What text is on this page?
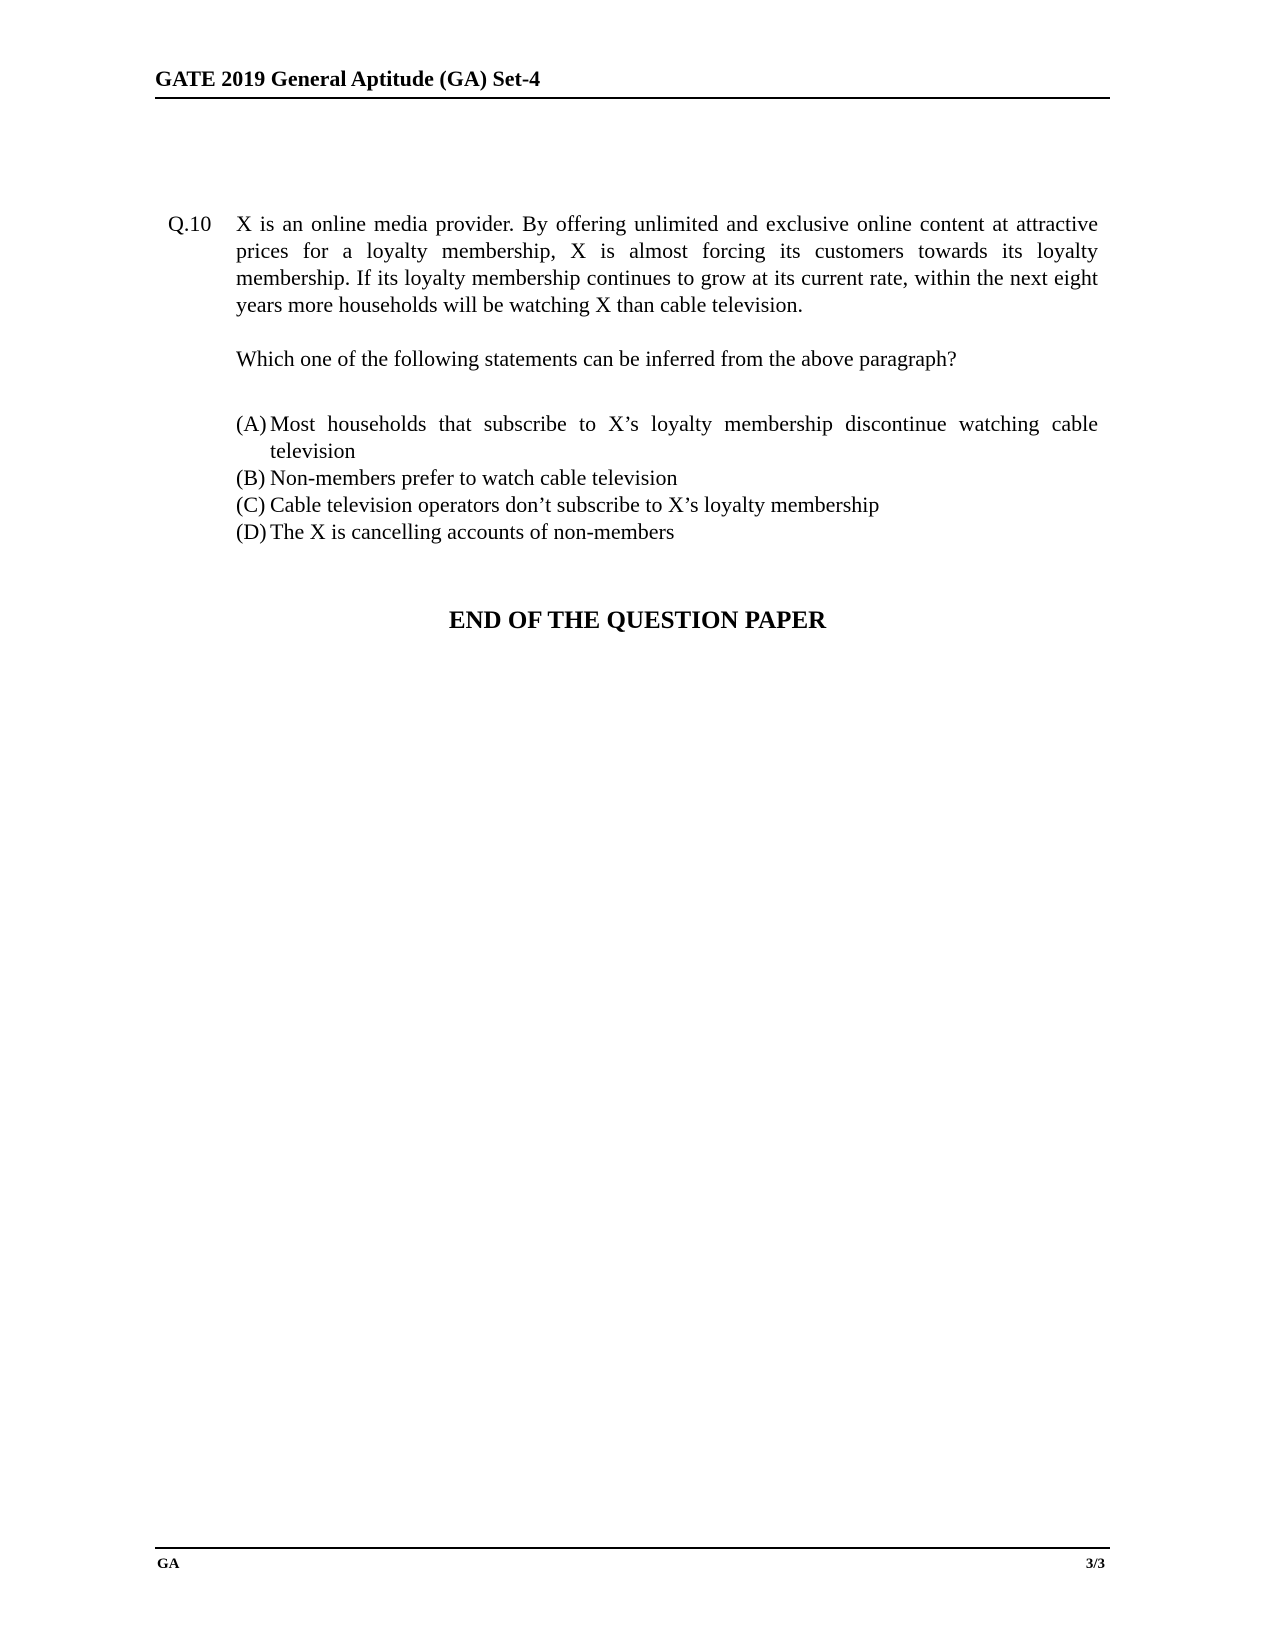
GATE 2019 General Aptitude (GA) Set-4
Q.10 X is an online media provider. By offering unlimited and exclusive online content at attractive prices for a loyalty membership, X is almost forcing its customers towards its loyalty membership. If its loyalty membership continues to grow at its current rate, within the next eight years more households will be watching X than cable television.

Which one of the following statements can be inferred from the above paragraph?

(A) Most households that subscribe to X’s loyalty membership discontinue watching cable television
(B) Non-members prefer to watch cable television
(C) Cable television operators don’t subscribe to X’s loyalty membership
(D) The X is cancelling accounts of non-members
END OF THE QUESTION PAPER
GA	3/3
